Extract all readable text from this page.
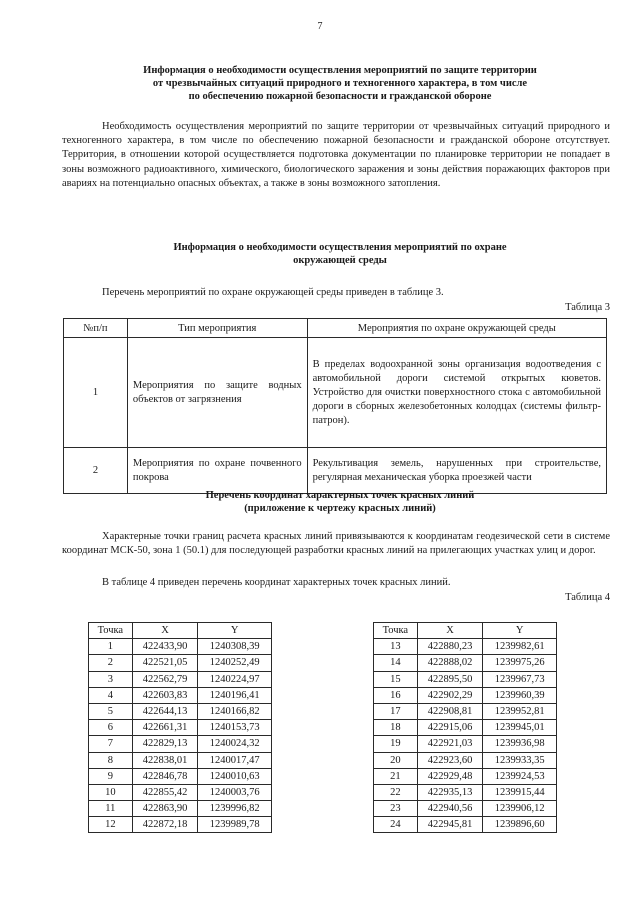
7
Информация о необходимости осуществления мероприятий по защите территории
от чрезвычайных ситуаций природного и техногенного характера, в том числе
по обеспечению пожарной безопасности и гражданской обороне
Необходимость осуществления мероприятий по защите территории от чрезвычайных ситуаций природного и техногенного характера, в том числе по обеспечению пожарной безопасности и гражданской обороне отсутствует. Территория, в отношении которой осуществляется подготовка документации по планировке территории не попадает в зоны возможного радиоактивного, химического, биологического заражения и зоны действия поражающих факторов при авариях на потенциально опасных объектах, а также в зоны возможного затопления.
Информация о необходимости осуществления мероприятий по охране
окружающей среды
Перечень мероприятий по охране окружающей среды приведен в таблице 3.
Таблица 3
№п/п	Тип мероприятия	Мероприятия по охране окружающей среды
1	Мероприятия по защите водных объектов от загрязнения	В пределах водоохранной зоны организация водоотведения с автомобильной дороги системой открытых кюветов. Устройство для очистки поверхностного стока с автомобильной дороги в сборных железобетонных колодцах (системы фильтр-патрон).
2	Мероприятия по охране почвенного покрова	Рекультивация земель, нарушенных при строительстве, регулярная механическая уборка проезжей части
Перечень координат характерных точек красных линий
(приложение к чертежу красных линий)
Характерные точки границ расчета красных линий привязываются к координатам геодезической сети в системе координат МСК-50, зона 1 (50.1) для последующей разработки красных линий на прилегающих участках улиц и дорог.
В таблице 4 приведен перечень координат характерных точек красных линий.
Таблица 4
Точка	X	Y
1	422433,90	1240308,39
2	422521,05	1240252,49
3	422562,79	1240224,97
4	422603,83	1240196,41
5	422644,13	1240166,82
6	422661,31	1240153,73
7	422829,13	1240024,32
8	422838,01	1240017,47
9	422846,78	1240010,63
10	422855,42	1240003,76
11	422863,90	1239996,82
12	422872,18	1239989,78
Точка	X	Y
13	422880,23	1239982,61
14	422888,02	1239975,26
15	422895,50	1239967,73
16	422902,29	1239960,39
17	422908,81	1239952,81
18	422915,06	1239945,01
19	422921,03	1239936,98
20	422923,60	1239933,35
21	422929,48	1239924,53
22	422935,13	1239915,44
23	422940,56	1239906,12
24	422945,81	1239896,60
